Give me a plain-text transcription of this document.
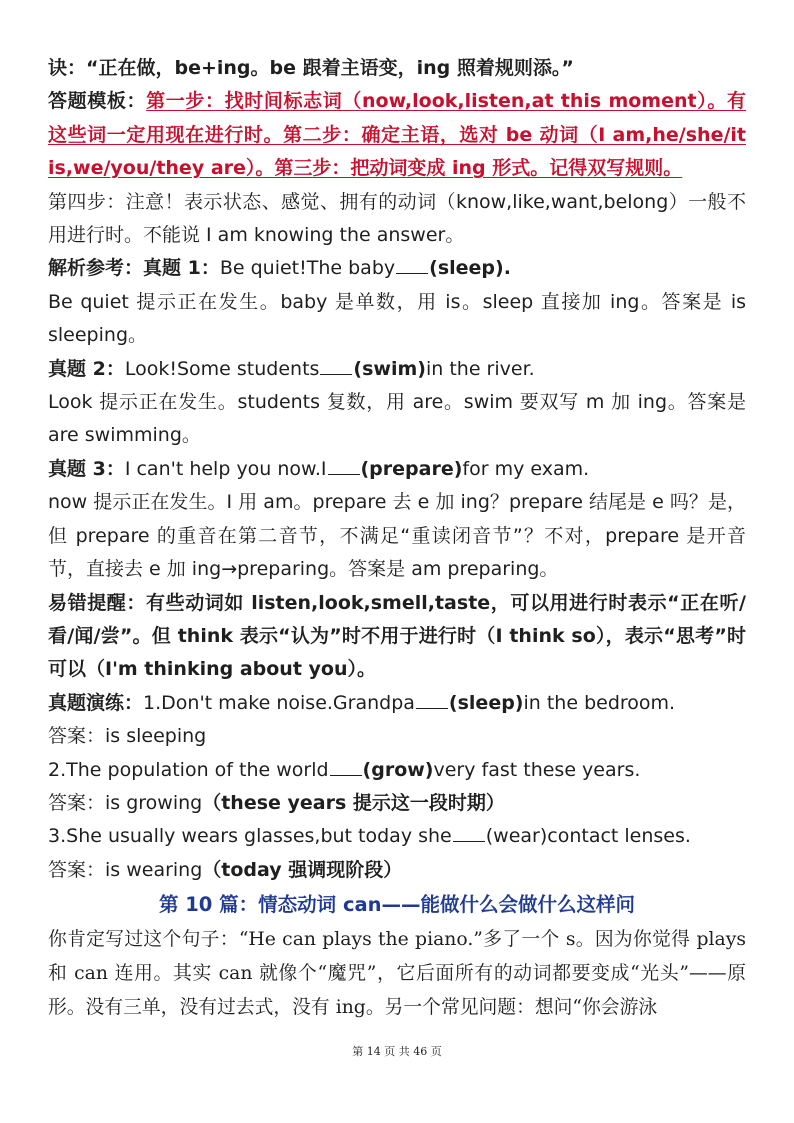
诀：“正在做，be+ing。be 跟着主语变，ing 照着规则添。”

答题模板：第一步：找时间标志词（now,look,listen,at this moment）。有这些词一定用现在进行时。第二步：确定主语，选对 be 动词（I am,he/she/it is,we/you/they are）。第三步：把动词变成 ing 形式。记得双写规则。

第四步：注意！表示状态、感觉、拥有的动词（know,like,want,belong）一般不用进行时。不能说 I am knowing the answer。

解析参考：真题 1：Be quiet!The baby (sleep).

Be quiet 提示正在发生。baby 是单数，用 is。sleep 直接加 ing。答案是 is sleeping。

真题 2：Look!Some students (swim)in the river.

Look 提示正在发生。students 复数，用 are。swim 要双写 m 加 ing。答案是 are swimming。

真题 3：I can't help you now.I (prepare)for my exam.

now 提示正在发生。I 用 am。prepare 去 e 加 ing？prepare 结尾是 e 吗？是，但 prepare 的重音在第二音节，不满足“重读闭音节”？不对，prepare 是开音节，直接去 e 加 ing→preparing。答案是 am preparing。

易错提醒：有些动词如 listen,look,smell,taste，可以用进行时表示“正在听/看/闻/尝”。但 think 表示“认为”时不用于进行时（I think so），表示“思考”时可以（I'm thinking about you）。

真题演练：1.Don't make noise.Grandpa (sleep)in the bedroom.

答案：is sleeping

2.The population of the world (grow)very fast these years.

答案：is growing（these years 提示这一段时期）

3.She usually wears glasses,but today she (wear)contact lenses.

答案：is wearing（today 强调现阶段）

第 10 篇：情态动词 can——能做什么会做什么这样问

你肯定写过这个句子：“He can plays the piano.”多了一个 s。因为你觉得 plays 和 can 连用。其实 can 就像个“魔咒”，它后面所有的动词都要变成“光头”——原形。没有三单，没有过去式，没有 ing。另一个常见问题：想问“你会游泳

第 14 页 共 46 页
